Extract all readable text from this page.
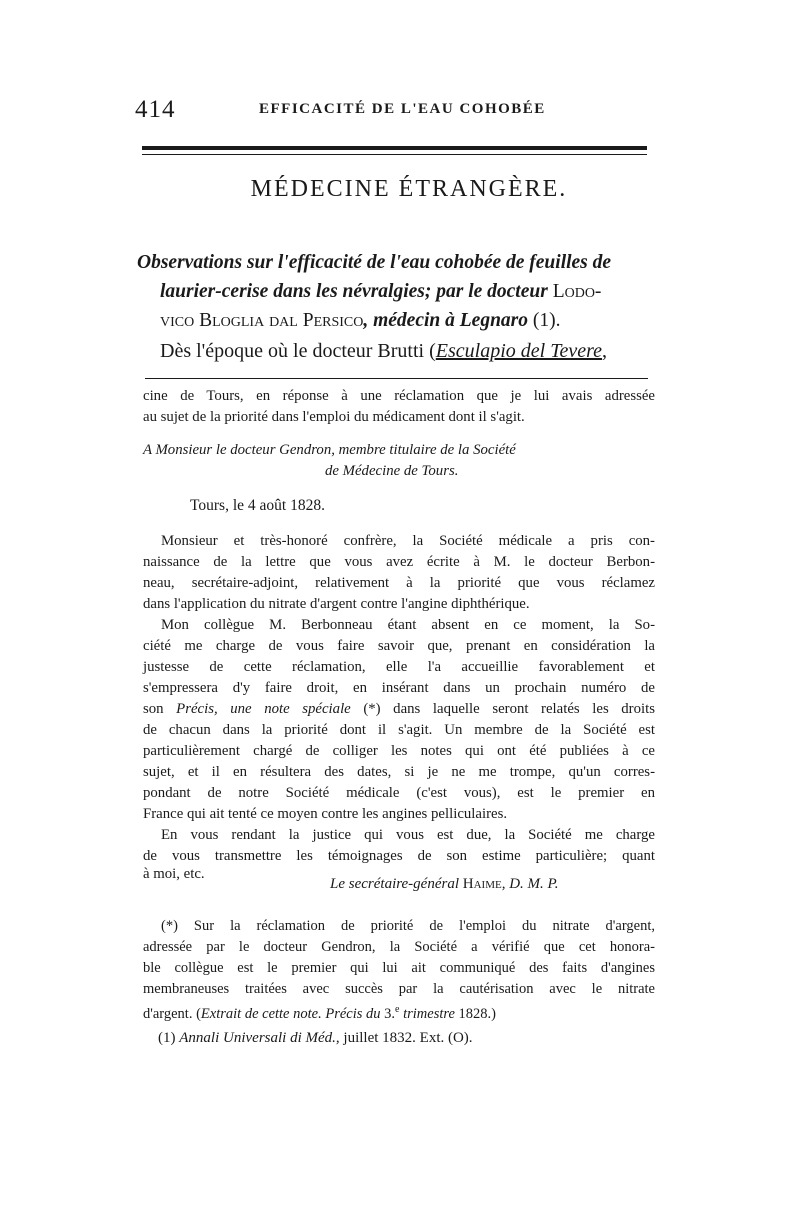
414	EFFICACITÉ DE L'EAU COHOBÉE
MÉDECINE ÉTRANGÈRE.
Observations sur l'efficacité de l'eau cohobée de feuilles de
laurier-cerise dans les névralgies; par le docteur Lodo-
vico Bloglia dal Persico, médecin à Legnaro (1).
Dès l'époque où le docteur Brutti (Esculapio del Tevere,
cine de Tours, en réponse à une réclamation que je lui avais adressée
au sujet de la priorité dans l'emploi du médicament dont il s'agit.
A Monsieur le docteur Gendron, membre titulaire de la Société
de Médecine de Tours.
Tours, le 4 août 1828.
Monsieur et très-honoré confrère, la Société médicale a pris con-
naissance de la lettre que vous avez écrite à M. le docteur Berbon-
neau, secrétaire-adjoint, relativement à la priorité que vous réclamez
dans l'application du nitrate d'argent contre l'angine diphthérique.
Mon collègue M. Berbonneau étant absent en ce moment, la So-
ciété me charge de vous faire savoir que, prenant en considération la
justesse de cette réclamation, elle l'a accueillie favorablement et
s'empressera d'y faire droit, en insérant dans un prochain numéro de
son Précis, une note spéciale (*) dans laquelle seront relatés les droits
de chacun dans la priorité dont il s'agit. Un membre de la Société est
particulièrement chargé de colliger les notes qui ont été publiées à ce
sujet, et il en résultera des dates, si je ne me trompe, qu'un corres-
pondant de notre Société médicale (c'est vous), est le premier en
France qui ait tenté ce moyen contre les angines pelliculaires.
En vous rendant la justice qui vous est due, la Société me charge
de vous transmettre les témoignages de son estime particulière; quant
à moi, etc.
Le secrétaire-général Haime, D. M. P.
(*) Sur la réclamation de priorité de l'emploi du nitrate d'argent,
adressée par le docteur Gendron, la Société a vérifié que cet honora-
ble collègue est le premier qui lui ait communiqué des faits d'angines
membraneuses traitées avec succès par la cautérisation avec le nitrate
d'argent. (Extrait de cette note. Précis du 3.$^e$ trimestre 1828.)
(1) Annali Universali di Méd., juillet 1832. Ext. (O).
